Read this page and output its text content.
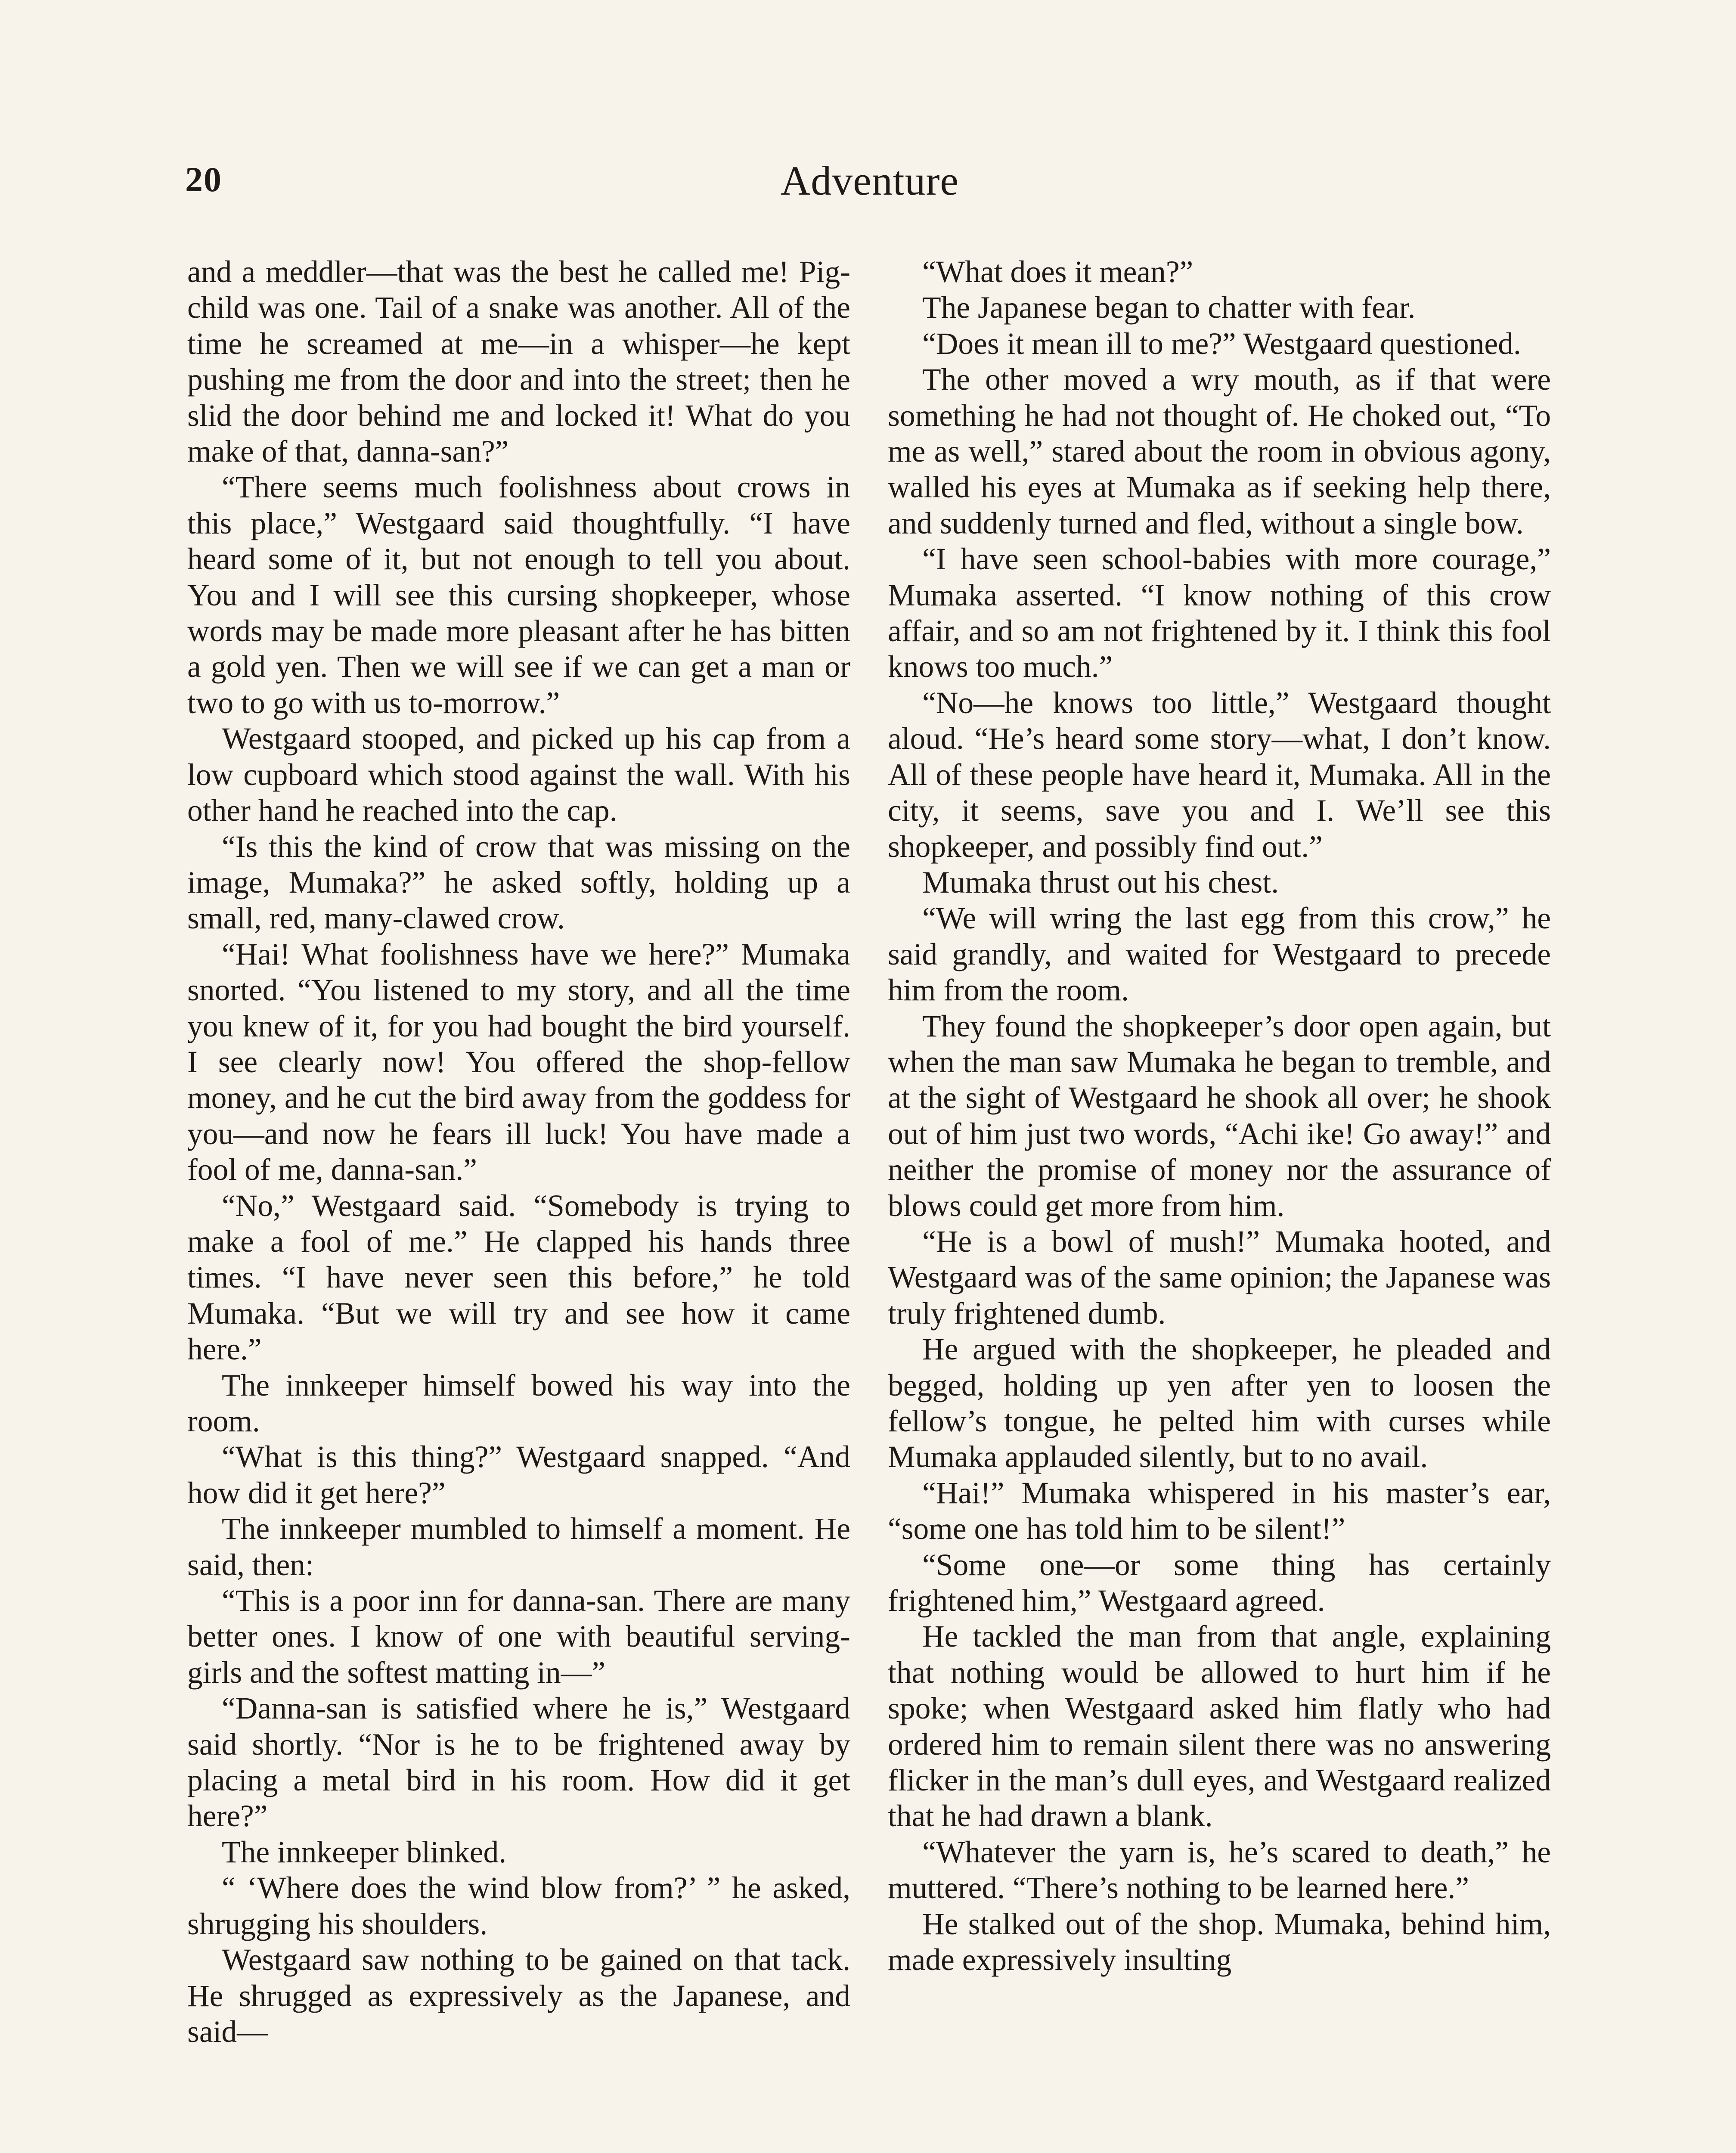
20	Adventure

and a meddler—that was the best he called me! Pig-child was one. Tail of a snake was another. All of the time he screamed at me—in a whisper—he kept pushing me from the door and into the street; then he slid the door behind me and locked it! What do you make of that, danna-san?”

“There seems much foolishness about crows in this place,” Westgaard said thoughtfully. “I have heard some of it, but not enough to tell you about. You and I will see this cursing shopkeeper, whose words may be made more pleasant after he has bitten a gold yen. Then we will see if we can get a man or two to go with us to-morrow.”

Westgaard stooped, and picked up his cap from a low cupboard which stood against the wall. With his other hand he reached into the cap.

“Is this the kind of crow that was missing on the image, Mumaka?” he asked softly, holding up a small, red, many-clawed crow.

“Hai! What foolishness have we here?” Mumaka snorted. “You listened to my story, and all the time you knew of it, for you had bought the bird yourself. I see clearly now! You offered the shop-fellow money, and he cut the bird away from the goddess for you—and now he fears ill luck! You have made a fool of me, danna-san.”

“No,” Westgaard said. “Somebody is trying to make a fool of me.” He clapped his hands three times. “I have never seen this before,” he told Mumaka. “But we will try and see how it came here.”

The innkeeper himself bowed his way into the room.

“What is this thing?” Westgaard snapped. “And how did it get here?”

The innkeeper mumbled to himself a moment. He said, then:

“This is a poor inn for danna-san. There are many better ones. I know of one with beautiful serving-girls and the softest matting in—”

“Danna-san is satisfied where he is,” Westgaard said shortly. “Nor is he to be frightened away by placing a metal bird in his room. How did it get here?”

The innkeeper blinked.

“ ‘Where does the wind blow from?’ ” he asked, shrugging his shoulders.

Westgaard saw nothing to be gained on that tack. He shrugged as expressively as the Japanese, and said—

“What does it mean?”

The Japanese began to chatter with fear.

“Does it mean ill to me?” Westgaard questioned.

The other moved a wry mouth, as if that were something he had not thought of. He choked out, “To me as well,” stared about the room in obvious agony, walled his eyes at Mumaka as if seeking help there, and suddenly turned and fled, without a single bow.

“I have seen school-babies with more courage,” Mumaka asserted. “I know nothing of this crow affair, and so am not frightened by it. I think this fool knows too much.”

“No—he knows too little,” Westgaard thought aloud. “He’s heard some story—what, I don’t know. All of these people have heard it, Mumaka. All in the city, it seems, save you and I. We’ll see this shopkeeper, and possibly find out.”

Mumaka thrust out his chest.

“We will wring the last egg from this crow,” he said grandly, and waited for Westgaard to precede him from the room.

They found the shopkeeper’s door open again, but when the man saw Mumaka he began to tremble, and at the sight of Westgaard he shook all over; he shook out of him just two words, “Achi ike! Go away!” and neither the promise of money nor the assurance of blows could get more from him.

“He is a bowl of mush!” Mumaka hooted, and Westgaard was of the same opinion; the Japanese was truly frightened dumb.

He argued with the shopkeeper, he pleaded and begged, holding up yen after yen to loosen the fellow’s tongue, he pelted him with curses while Mumaka applauded silently, but to no avail.

“Hai!” Mumaka whispered in his master’s ear, “some one has told him to be silent!”

“Some one—or some thing has certainly frightened him,” Westgaard agreed.

He tackled the man from that angle, explaining that nothing would be allowed to hurt him if he spoke; when Westgaard asked him flatly who had ordered him to remain silent there was no answering flicker in the man’s dull eyes, and Westgaard realized that he had drawn a blank.

“Whatever the yarn is, he’s scared to death,” he muttered. “There’s nothing to be learned here.”

He stalked out of the shop. Mumaka, behind him, made expressively insulting
